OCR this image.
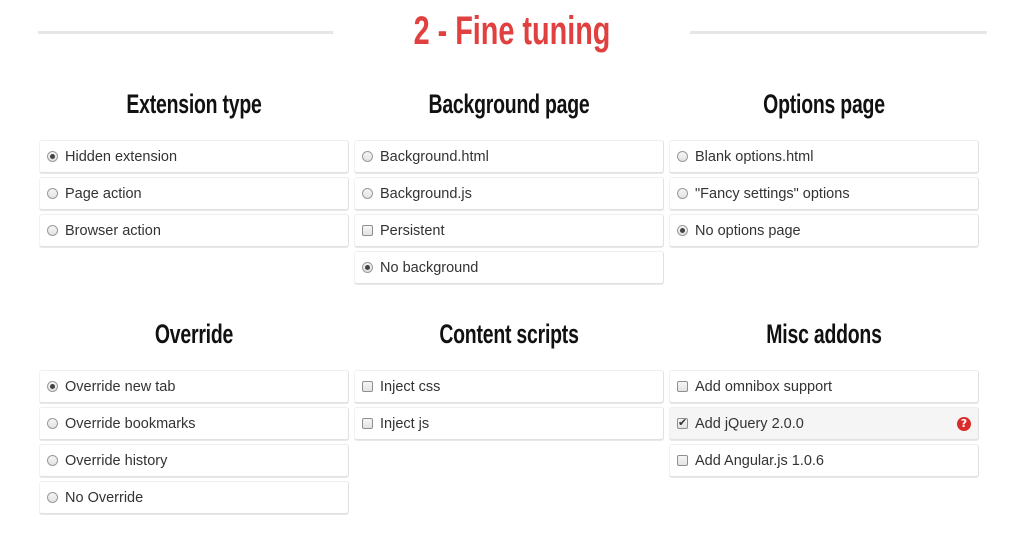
2 - Fine tuning
Extension type
Hidden extension
Page action
Browser action
Background page
Background.html
Background.js
Persistent
No background
Options page
Blank options.html
"Fancy settings" options
No options page
Override
Override new tab
Override bookmarks
Override history
No Override
Content scripts
Inject css
Inject js
Misc addons
Add omnibox support
✔
Add jQuery 2.0.0	?
Add Angular.js 1.0.6
